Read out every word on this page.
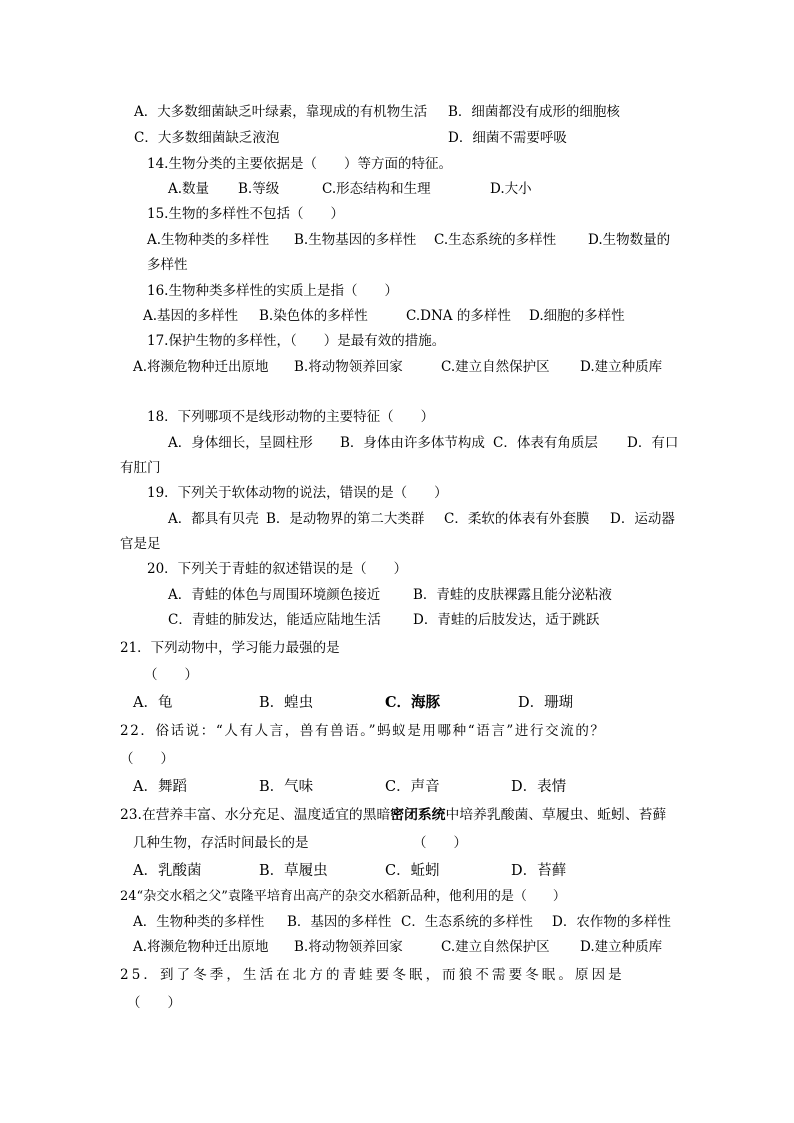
A．大多数细菌缺乏叶绿素，靠现成的有机物生活 B．细菌都没有成形的细胞核
C．大多数细菌缺乏液泡	D．细菌不需要呼吸
14.生物分类的主要依据是（　　）等方面的特征。
A.数量 B.等级	C.形态结构和生理	D.大小
15.生物的多样性不包括（　　）
A.生物种类的多样性 B.生物基因的多样性 C.生态系统的多样性 D.生物数量的
多样性
16.生物种类多样性的实质上是指（　　）
A.基因的多样性 B.染色体的多样性	C.DNA 的多样性 D.细胞的多样性
17.保护生物的多样性，（　　）是最有效的措施。
A.将濒危物种迁出原地 B.将动物领养回家	C.建立自然保护区 D.建立种质库
18．下列哪项不是线形动物的主要特征（　　）
A．身体细长，呈圆柱形 B．身体由许多体节构成 C．体表有角质层 D．有口
有肛门
19．下列关于软体动物的说法，错误的是（　　）
A．都具有贝壳 B．是动物界的第二大类群 C．柔软的体表有外套膜 D．运动器
官是足
20．下列关于青蛙的叙述错误的是（　　）
A．青蛙的体色与周围环境颜色接近 B．青蛙的皮肤裸露且能分泌粘液
C．青蛙的肺发达，能适应陆地生活 D．青蛙的后肢发达，适于跳跃
21．下列动物中，学习能力最强的是
（　　）
A．龟	B．蝗虫	C．海豚	D．珊瑚
22．俗话说：“人有人言，兽有兽语。”蚂蚁是用哪种“语言”进行交流的？
（　　）
A．舞蹈	B．气味	C．声音	D．表情
23.在营养丰富、水分充足、温度适宜的黑暗密闭系统中培养乳酸菌、草履虫、蚯蚓、苔藓
几种生物，存活时间最长的是	（　　）
A．乳酸菌	B．草履虫	C．蚯蚓	D．苔藓
24“杂交水稻之父”袁隆平培育出高产的杂交水稻新品种，他利用的是（　　）
A．生物种类的多样性 B．基因的多样性 C．生态系统的多样性 D．农作物的多样性
A.将濒危物种迁出原地 B.将动物领养回家	C.建立自然保护区 D.建立种质库
25．到了冬季，生活在北方的青蛙要冬眠，而狼不需要冬眠。原因是
（　　）
